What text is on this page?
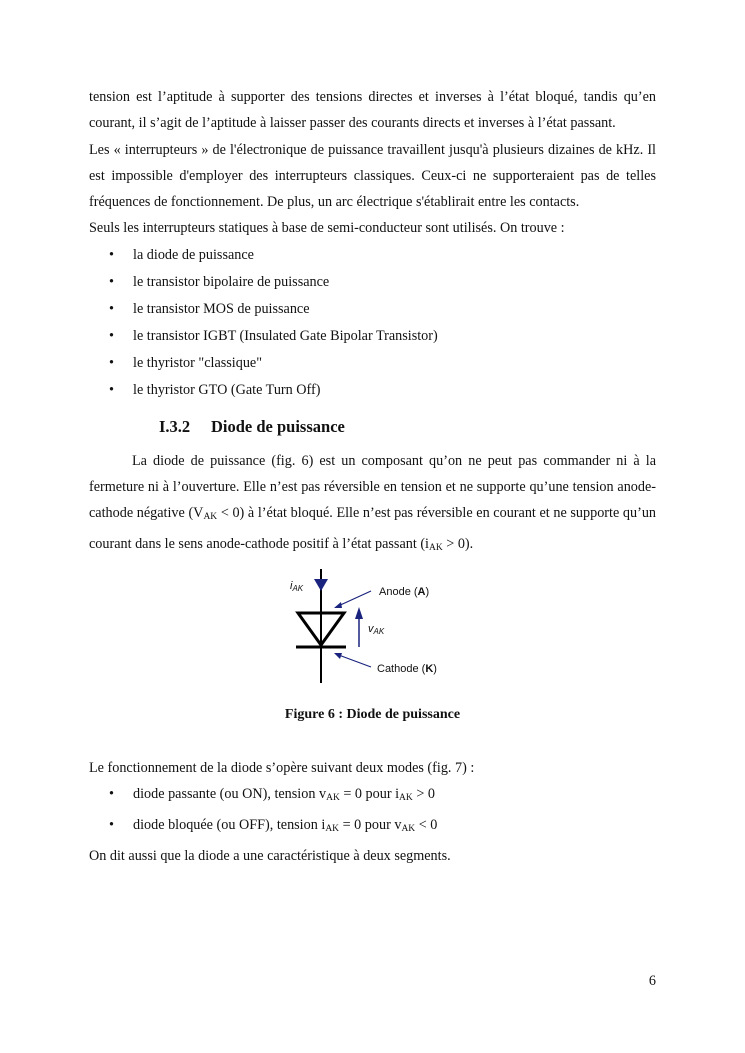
tension est l’aptitude à supporter des tensions directes et inverses à l’état bloqué, tandis qu’en courant, il s’agit de l’aptitude à laisser passer des courants directs et inverses à l’état passant.

Les « interrupteurs » de l'électronique de puissance travaillent jusqu'à plusieurs dizaines de kHz. Il est impossible d'employer des interrupteurs classiques. Ceux-ci ne supporteraient pas de telles fréquences de fonctionnement. De plus, un arc électrique s'établirait entre les contacts.

Seuls les interrupteurs statiques à base de semi-conducteur sont utilisés. On trouve :

• la diode de puissance
• le transistor bipolaire de puissance
• le transistor MOS de puissance
• le transistor IGBT (Insulated Gate Bipolar Transistor)
• le thyristor "classique"
• le thyristor GTO (Gate Turn Off)
I.3.2 Diode de puissance

La diode de puissance (fig. 6) est un composant qu’on ne peut pas commander ni à la fermeture ni à l’ouverture. Elle n’est pas réversible en tension et ne supporte qu’une tension anode-cathode négative $(V_{AK} < 0)$ à l’état bloqué. Elle n’est pas réversible en courant et ne supporte qu’un courant dans le sens anode-cathode positif à l’état passant $(i_{AK} > 0)$.

iAK
vAK
Anode (A)
Cathode (K)

Figure 6 : Diode de puissance

Le fonctionnement de la diode s’opère suivant deux modes (fig. 7) :

• diode passante (ou ON), tension $v_{AK} = 0$ pour $i_{AK} > 0$
• diode bloquée (ou OFF), tension $i_{AK} = 0$ pour $v_{AK} < 0$

On dit aussi que la diode a une caractéristique à deux segments.

6
